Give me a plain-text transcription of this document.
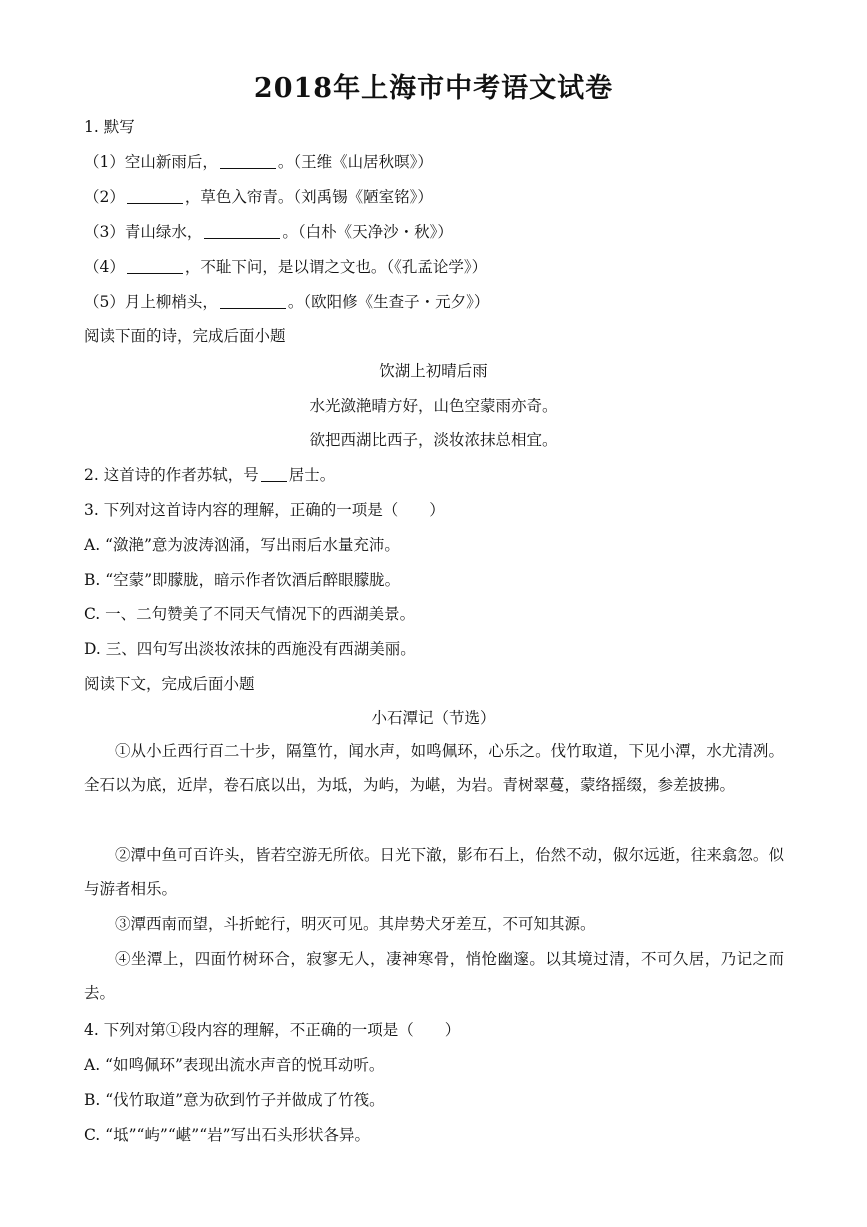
2018年上海市中考语文试卷
1. 默写
（1）空山新雨后，	。（王维《山居秋暝》）
（2）	，草色入帘青。（刘禹锡《陋室铭》）
（3）青山绿水，	。（白朴《天净沙・秋》）
（4）	，不耻下问，是以谓之文也。（《孔孟论学》）
（5）月上柳梢头，	。（欧阳修《生查子・元夕》）
阅读下面的诗，完成后面小题
饮湖上初晴后雨
水光潋滟晴方好，山色空蒙雨亦奇。
欲把西湖比西子，淡妆浓抹总相宜。
2. 这首诗的作者苏轼，号 居士。
3. 下列对这首诗内容的理解，正确的一项是（　　）
A. “潋滟”意为波涛汹涌，写出雨后水量充沛。
B. “空蒙”即朦胧，暗示作者饮酒后醉眼朦胧。
C. 一、二句赞美了不同天气情况下的西湖美景。
D. 三、四句写出淡妆浓抹的西施没有西湖美丽。
阅读下文，完成后面小题
小石潭记（节选）
①从小丘西行百二十步，隔篁竹，闻水声，如鸣佩环，心乐之。伐竹取道，下见小潭，水尤清冽。全石以为底，近岸，卷石底以出，为坻，为屿，为嵁，为岩。青树翠蔓，蒙络摇缀，参差披拂。
②潭中鱼可百许头，皆若空游无所依。日光下澈，影布石上，佁然不动，俶尔远逝，往来翕忽。似与游者相乐。
③潭西南而望，斗折蛇行，明灭可见。其岸势犬牙差互，不可知其源。
④坐潭上，四面竹树环合，寂寥无人，凄神寒骨，悄怆幽邃。以其境过清，不可久居，乃记之而去。
4. 下列对第①段内容的理解，不正确的一项是（　　）
A. “如鸣佩环”表现出流水声音的悦耳动听。
B. “伐竹取道”意为砍到竹子并做成了竹筏。
C. “坻”“屿”“嵁”“岩”写出石头形状各异。
